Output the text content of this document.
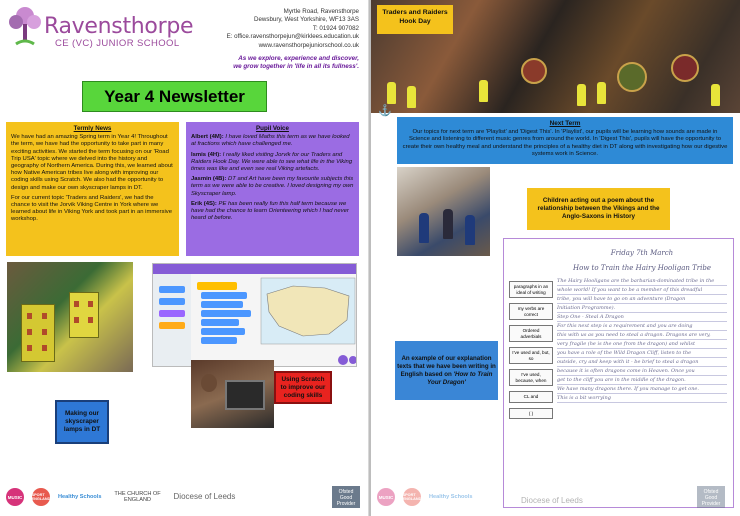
Ravensthorpe
CE (VC) JUNIOR SCHOOL
Myrtle Road, Ravensthorpe
Dewsbury, West Yorkshire, WF13 3AS
T: 01924 907082
E: office.ravensthorpejun@kirklees.education.uk
www.ravensthorpejuniorschool.co.uk
As we explore, experience and discover,
we grow together in 'life in all its fullness'.
Year 4 Newsletter
Termly News

We have had an amazing Spring term in Year 4! Throughout the term, we have had the opportunity to take part in many exciting activities. We started the term focusing on our 'Road Trip USA' topic where we delved into the history and geography of Northern America. During this, we learned about how Native American tribes live along with improving our coding skills using Scratch. We also had the opportunity to design and make our own skyscraper lamps in DT.

For our current topic 'Traders and Raiders', we had the chance to visit the Jorvik Viking Centre in York where we learned about life in Viking York and took part in an immersive workshop.

Pupil Voice

Albert (4M): I have loved Maths this term as we have looked at fractions which have challenged me.

Ismis (4H): I really liked visiting Jorvik for our Traders and Raiders Hook Day. We were able to see what life in the Viking times was like and even see real Viking artefacts.

Jasmin (4B): DT and Art have been my favourite subjects this term as we were able to be creative. I loved designing my own Skyscraper lamp.

Erik (4S): PE has been really fun this half term because we have had the chance to learn Orienteering which I had never heard of before.

Making our skyscraper lamps in DT
Using Scratch to improve our coding skills
MUSIC	SPORT ENGLAND Healthy Schools
THE CHURCH OF ENGLAND	Diocese of Leeds	Ofsted Good Provider
Traders and Raiders Hook Day
⚓
Next Term

Our topics for next term are 'Playlist' and 'Digest This'. In 'Playlist', our pupils will be learning how sounds are made in Science and listening to different music genres from around the world. In 'Digest This', pupils will have the opportunity to create their own healthy meal and understand the principles of a healthy diet in DT along with investigating how our digestive systems work in Science.

Children acting out a poem about the relationship between the Vikings and the Anglo-Saxons in History
An example of our explanation texts that we have been writing in English based on 'How to Train Your Dragon'
paragraphs in an ideal of writing
my verbs are correct
Ordered adverbials
I've used and, but, so
I've used, because, when
CL and
( )
Friday 7th March
How to Train the Hairy Hooligan Tribe
The Hairy Hooligans are the barbarian-dominated tribe in the
whole world! If you want to be a member of this dreadful
tribe, you will have to go on an adventure (Dragon
Initiation Programme).
Step One - Steal A Dragon
For this next step is a requirement and you are doing
this with us as you need to steal a dragon. Dragons are very,
very fragile (he is the one from the dragon) and whilst
you have a role of the Wild Dragon Cliff, listen to the
outside, cry and keep with it - be brief to steal a dragon
because it is often dragons come in Heaven. Once you
get to the cliff you are in the middle of the dragon.
We have many dragons there. If you manage to get one.
This is a bit worrying
MUSIC	SPORT ENGLAND Healthy Schools	Diocese of Leeds
Ofsted Good Provider
